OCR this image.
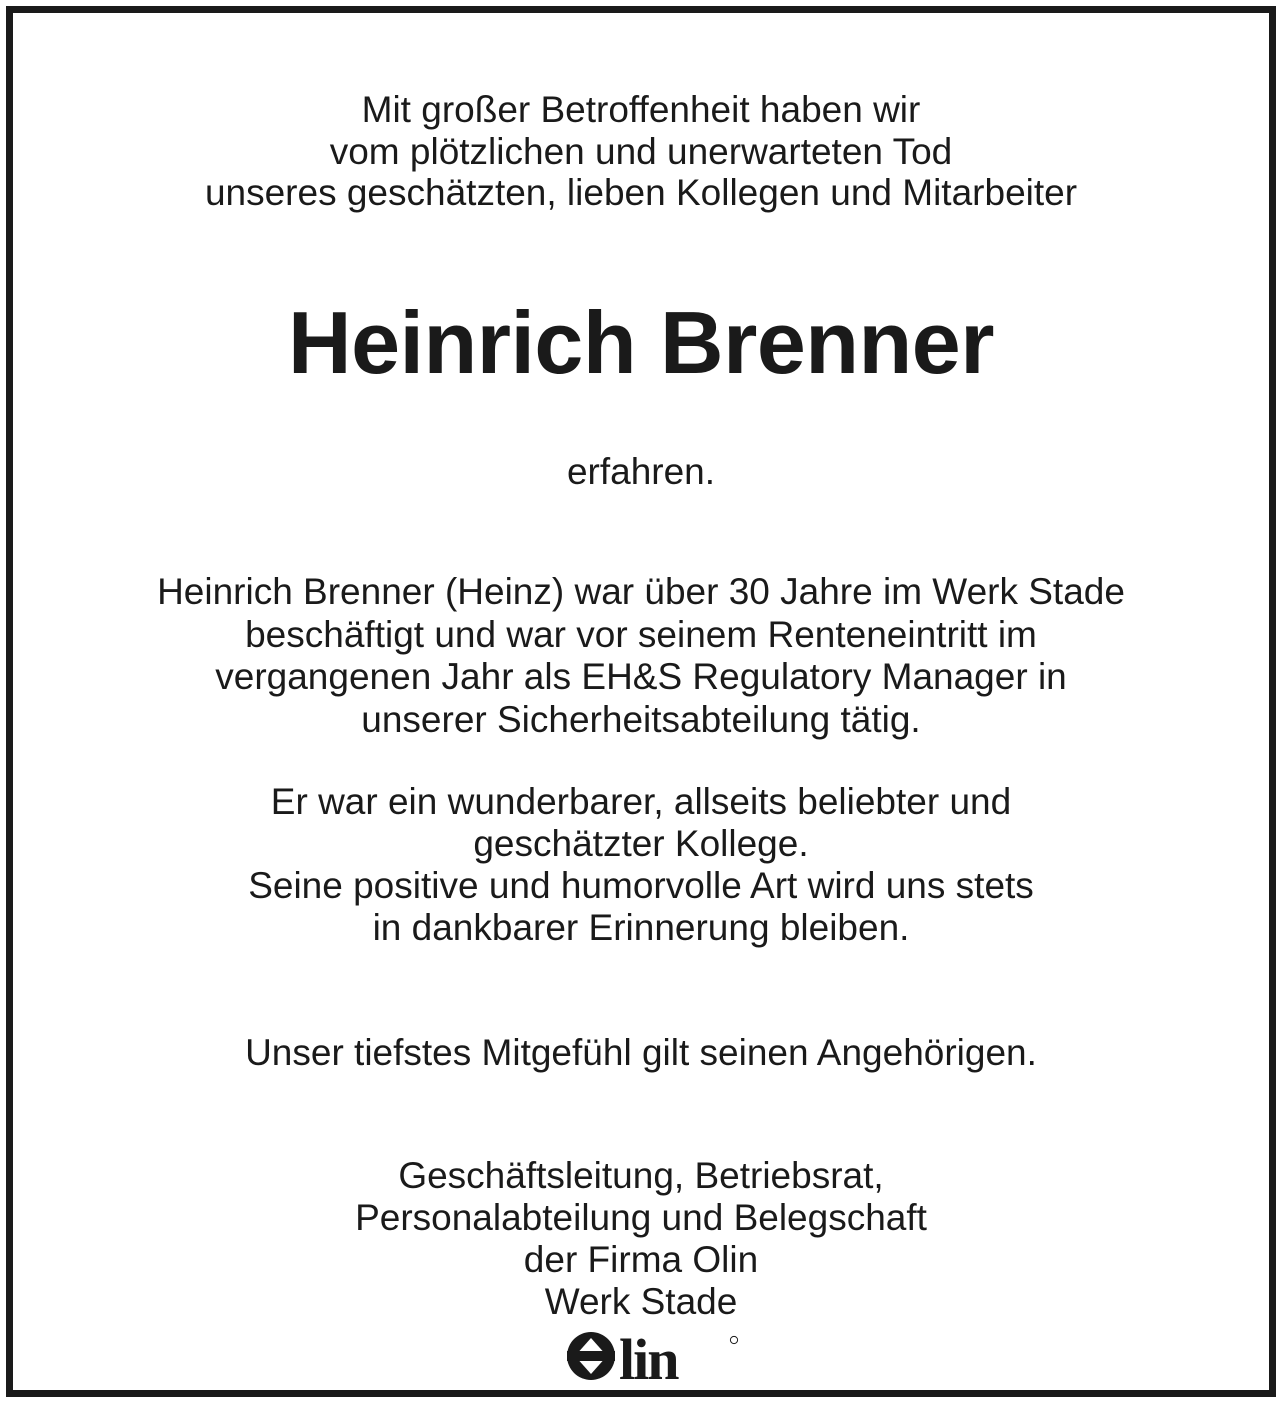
Mit großer Betroffenheit haben wir
vom plötzlichen und unerwarteten Tod
unseres geschätzten, lieben Kollegen und Mitarbeiter
Heinrich Brenner
erfahren.
Heinrich Brenner (Heinz) war über 30 Jahre im Werk Stade
beschäftigt und war vor seinem Renteneintritt im
vergangenen Jahr als EH&S Regulatory Manager in
unserer Sicherheitsabteilung tätig.
Er war ein wunderbarer, allseits beliebter und
geschätzter Kollege.
Seine positive und humorvolle Art wird uns stets
in dankbarer Erinnerung bleiben.
Unser tiefstes Mitgefühl gilt seinen Angehörigen.
Geschäftsleitung, Betriebsrat,
Personalabteilung und Belegschaft
der Firma Olin
Werk Stade
lin
